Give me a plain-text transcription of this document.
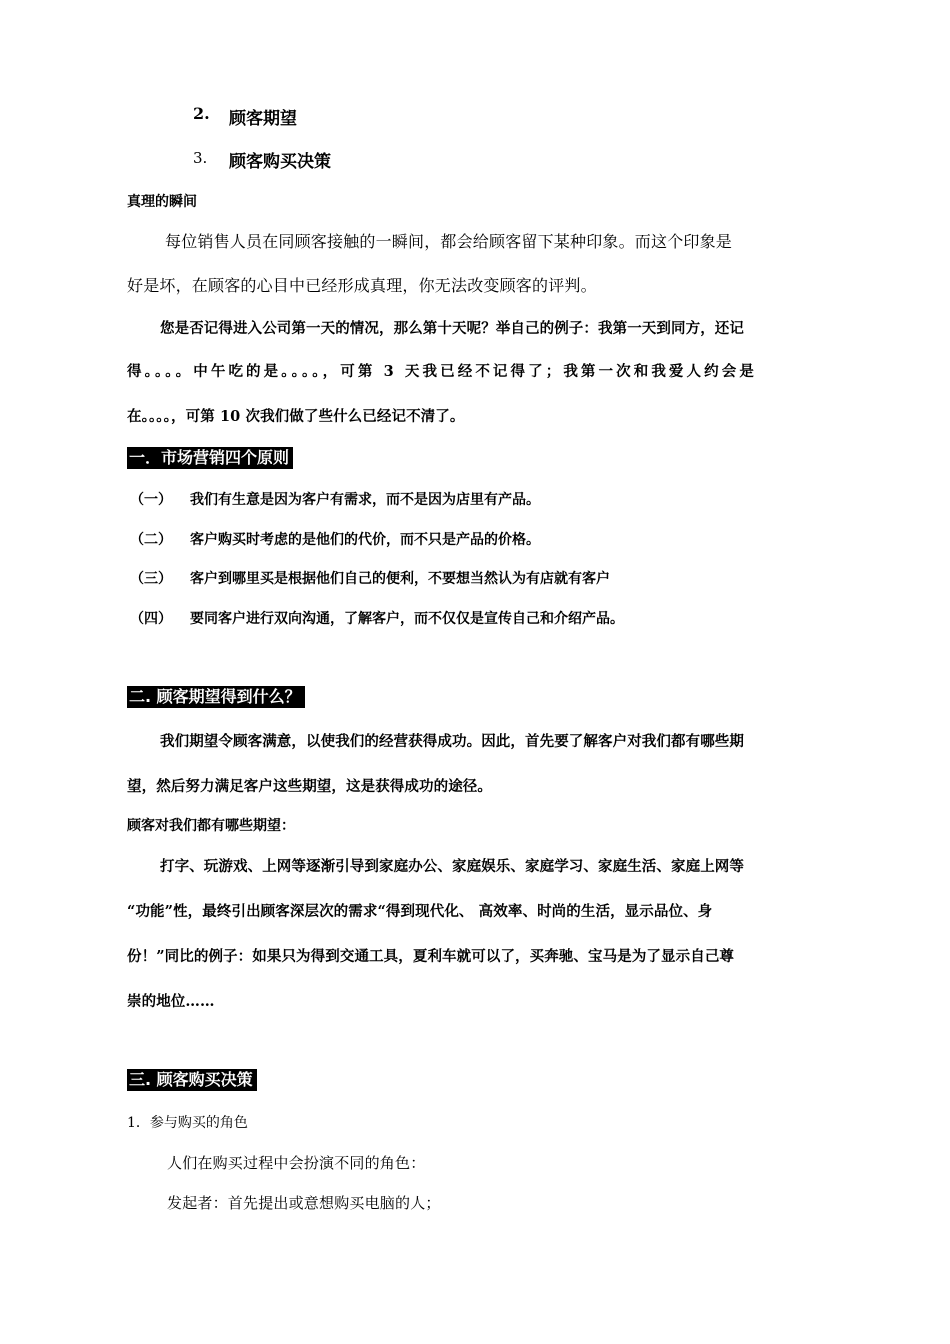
2. 顾客期望
3. 顾客购买决策
真理的瞬间
每位销售人员在同顾客接触的一瞬间，都会给顾客留下某种印象。而这个印象是
好是坏，在顾客的心目中已经形成真理，你无法改变顾客的评判。
您是否记得进入公司第一天的情况，那么第十天呢？举自己的例子：我第一天到同方，还记
得。。。。中午吃的是。。。。，可第 3 天我已经不记得了；我第一次和我爱人约会是
在。。。。，可第 10 次我们做了些什么已经记不清了。
一．市场营销四个原则
（一） 我们有生意是因为客户有需求，而不是因为店里有产品。
（二） 客户购买时考虑的是他们的代价，而不只是产品的价格。
（三） 客户到哪里买是根据他们自己的便利，不要想当然认为有店就有客户
（四） 要同客户进行双向沟通，了解客户，而不仅仅是宣传自己和介绍产品。
二. 顾客期望得到什么？
我们期望令顾客满意，以使我们的经营获得成功。因此，首先要了解客户对我们都有哪些期
望，然后努力满足客户这些期望，这是获得成功的途径。
顾客对我们都有哪些期望：
打字、玩游戏、上网等逐渐引导到家庭办公、家庭娱乐、家庭学习、家庭生活、家庭上网等
“功能”性，最终引出顾客深层次的需求“得到现代化、 高效率、时尚的生活，显示品位、身
份！”同比的例子：如果只为得到交通工具，夏利车就可以了，买奔驰、宝马是为了显示自己尊
崇的地位……
三. 顾客购买决策
1．参与购买的角色
人们在购买过程中会扮演不同的角色：
发起者：首先提出或意想购买电脑的人；
